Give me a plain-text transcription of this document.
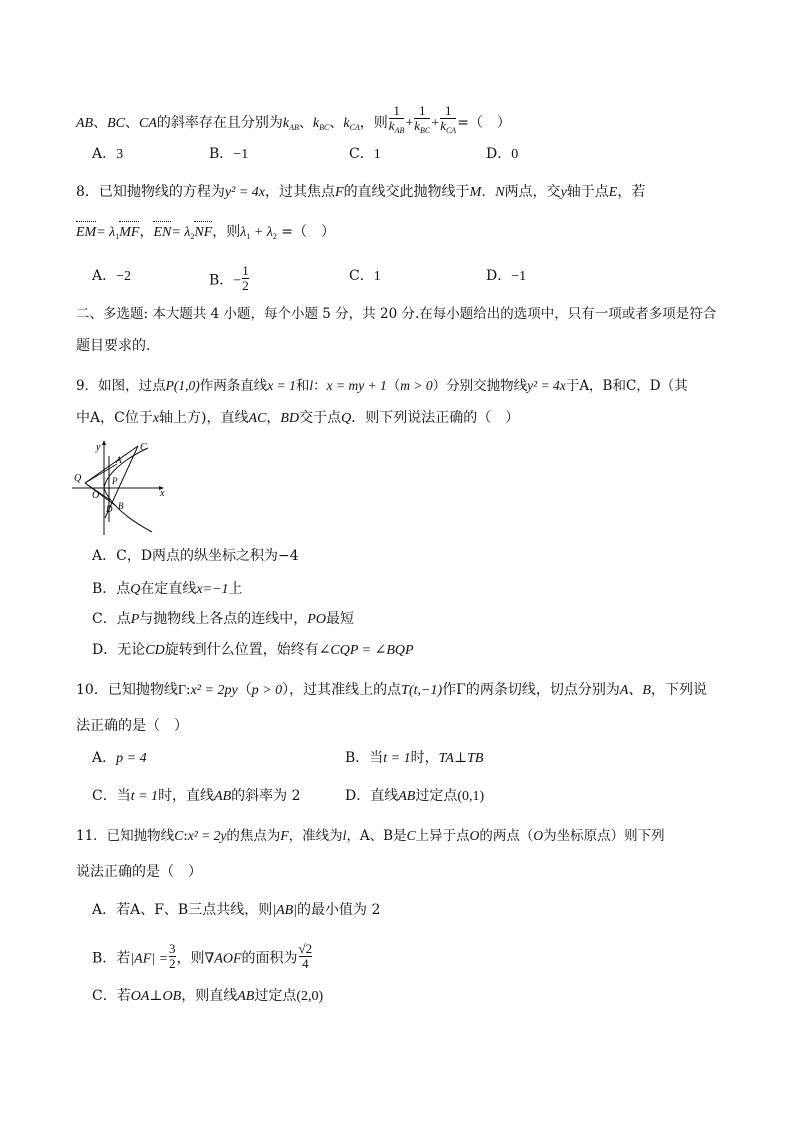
AB、BC、CA的斜率存在且分别为$k_{AB}$、$k_{BC}$、$k_{CA}$，则 $\frac{1}{k_{AB}} + \frac{1}{k_{BC}} + \frac{1}{k_{CA}}$ =（　）
A．3	B．−1	C．1	D．0
8．已知抛物线的方程为y² = 4x，过其焦点F的直线交此抛物线于M．N两点，交y轴于点E，若
$EM= \lambda_1MF$，$EN= \lambda_2NF$，则$\lambda_1 + \lambda_2$ =（　）
A．−2	B．− $\frac{1}{2}$	C．1	D．−1
二、多选题: 本大题共 4 小题，每个小题 5 分，共 20 分.在每小题给出的选项中，只有一项或者多项是符合
题目要求的.
9．如图，过点P(1,0)作两条直线x = 1和l：x = my + 1（m > 0）分别交抛物线y² = 4x于A，B和C，D（其
中A，C位于x轴上方)，直线AC，BD交于点Q．则下列说法正确的（　）
y	C
A
Q	P
O
D B
x
A．C，D两点的纵坐标之积为−4
B．点Q在定直线x=−1上
C．点P与抛物线上各点的连线中，PO最短
D．无论CD旋转到什么位置，始终有∠CQP = ∠BQP
10．已知抛物线Γ:x² = 2py（p > 0），过其准线上的点T(t,−1)作Γ的两条切线，切点分别为A、B，下列说
法正确的是（　）
A．p = 4	B．当t = 1时，TA⊥TB
C．当t = 1时，直线AB的斜率为 2	D．直线AB过定点(0,1)
11．已知抛物线C:x² = 2y的焦点为F，准线为l，A、B是C上异于点O的两点（O为坐标原点）则下列
说法正确的是（　）
A．若A、F、B三点共线，则|AB|的最小值为 2
B．若$|AF| = \frac{3}{2}$ ，则∇AOF的面积为 $\frac{√2}{4}$
C．若OA⊥OB，则直线AB过定点(2,0)
